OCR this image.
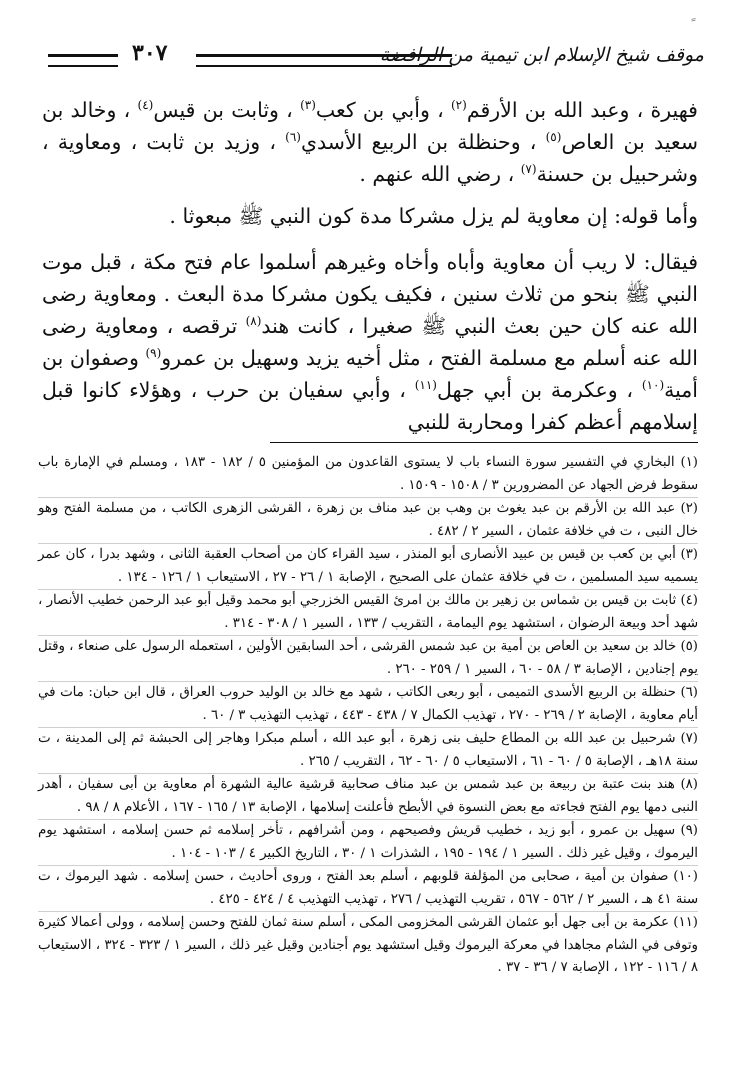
موقف شيخ الإسلام ابن تيمية من الرافضة
٣٠٧

فهيرة ، وعبد الله بن الأرقم$^{(٢)}$ ، وأبي بن كعب$^{(٣)}$ ، وثابت بن قيس$^{(٤)}$ ، وخالد بن سعيد بن العاص$^{(٥)}$ ، وحنظلة بن الربيع الأسدي$^{(٦)}$ ، وزيد بن ثابت ، ومعاوية ، وشرحبيل بن حسنة$^{(٧)}$ ، رضي الله عنهم .

وأما قوله: إن معاوية لم يزل مشركا مدة كون النبي ﷺ مبعوثا .

فيقال: لا ريب أن معاوية وأباه وأخاه وغيرهم أسلموا عام فتح مكة ، قبل موت النبي ﷺ بنحو من ثلاث سنين ، فكيف يكون مشركا مدة البعث . ومعاوية رضى الله عنه كان حين بعث النبي ﷺ صغيرا ، كانت هند$^{(٨)}$ ترقصه ، ومعاوية رضى الله عنه أسلم مع مسلمة الفتح ، مثل أخيه يزيد وسهيل بن عمرو$^{(٩)}$ وصفوان بن أمية$^{(١٠)}$ ، وعكرمة بن أبي جهل$^{(١١)}$ ، وأبي سفيان بن حرب ، وهؤلاء كانوا قبل إسلامهم أعظم كفرا ومحاربة للنبي

(١) البخاري في التفسير سورة النساء باب لا يستوى القاعدون من المؤمنين ٥ / ١٨٢ - ١٨٣ ، ومسلم في الإمارة باب سقوط فرض الجهاد عن المضرورين ٣ / ١٥٠٨ - ١٥٠٩ .

(٢) عبد الله بن الأرقم بن عبد يغوث بن وهب بن عبد مناف بن زهرة ، القرشى الزهرى الكاتب ، من مسلمة الفتح وهو خال النبى ، ت في خلافة عثمان ، السير ٢ / ٤٨٢ .

(٣) أبي بن كعب بن قيس بن عبيد الأنصارى أبو المنذر ، سيد القراء كان من أصحاب العقبة الثانى ، وشهد بدرا ، كان عمر يسميه سيد المسلمين ، ت في خلافة عثمان على الصحيح ، الإصابة ١ / ٢٦ - ٢٧ ، الاستيعاب ١ / ١٢٦ - ١٣٤ .

(٤) ثابت بن قيس بن شماس بن زهير بن مالك بن امرئ القيس الخزرجي أبو محمد وقيل أبو عبد الرحمن خطيب الأنصار ، شهد أحد وبيعة الرضوان ، استشهد يوم اليمامة ، التقريب / ١٣٣ ، السير ١ / ٣٠٨ - ٣١٤ .

(٥) خالد بن سعيد بن العاص بن أمية بن عبد شمس القرشى ، أحد السابقين الأولين ، استعمله الرسول على صنعاء ، وقتل يوم إجنادين ، الإصابة ٣ / ٥٨ - ٦٠ ، السير ١ / ٢٥٩ - ٢٦٠ .

(٦) حنظلة بن الربيع الأسدى التميمى ، أبو ربعى الكاتب ، شهد مع خالد بن الوليد حروب العراق ، قال ابن حبان: مات في أيام معاوية ، الإصابة ٢ / ٢٦٩ - ٢٧٠ ، تهذيب الكمال ٧ / ٤٣٨ - ٤٤٣ ، تهذيب التهذيب ٣ / ٦٠ .

(٧) شرحبيل بن عبد الله بن المطاع حليف بنى زهرة ، أبو عبد الله ، أسلم مبكرا وهاجر إلى الحبشة ثم إلى المدينة ، ت سنة ١٨هـ ، الإصابة ٥ / ٦٠ - ٦١ ، الاستيعاب ٥ / ٦٠ - ٦٢ ، التقريب / ٢٦٥ .

(٨) هند بنت عتبة بن ربيعة بن عبد شمس بن عبد مناف صحابية قرشية عالية الشهرة أم معاوية بن أبى سفيان ، أهدر النبى دمها يوم الفتح فجاءته مع بعض النسوة في الأبطح فأعلنت إسلامها ، الإصابة ١٣ / ١٦٥ - ١٦٧ ، الأعلام ٨ / ٩٨ .

(٩) سهيل بن عمرو ، أبو زيد ، خطيب قريش وفصيحهم ، ومن أشرافهم ، تأخر إسلامه ثم حسن إسلامه ، استشهد يوم اليرموك ، وقيل غير ذلك . السير ١ / ١٩٤ - ١٩٥ ، الشذرات ١ / ٣٠ ، التاريخ الكبير ٤ / ١٠٣ - ١٠٤ .

(١٠) صفوان بن أمية ، صحابى من المؤلفة قلوبهم ، أسلم بعد الفتح ، وروى أحاديث ، حسن إسلامه . شهد اليرموك ، ت سنة ٤١ هـ ، السير ٢ / ٥٦٢ - ٥٦٧ ، تقريب التهذيب / ٢٧٦ ، تهذيب التهذيب ٤ / ٤٢٤ - ٤٢٥ .

(١١) عكرمة بن أبى جهل أبو عثمان القرشى المخزومى المكى ، أسلم سنة ثمان للفتح وحسن إسلامه ، وولى أعمالا كثيرة وتوفى في الشام مجاهدا في معركة اليرموك وقيل استشهد يوم أجنادين وقيل غير ذلك ، السير ١ / ٣٢٣ - ٣٢٤ ، الاستيعاب ٨ / ١١٦ - ١٢٢ ، الإصابة ٧ / ٣٦ - ٣٧ .
